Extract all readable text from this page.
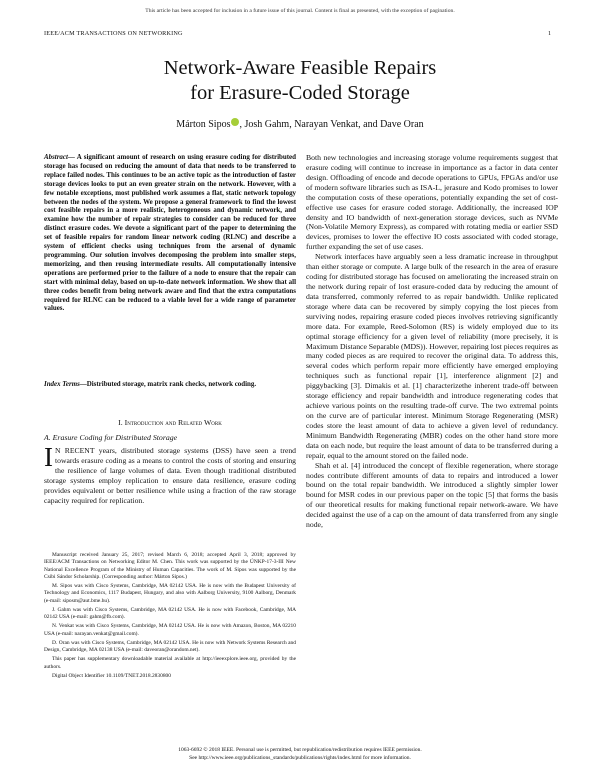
This article has been accepted for inclusion in a future issue of this journal. Content is final as presented, with the exception of pagination.
IEEE/ACM TRANSACTIONS ON NETWORKING	1
Network-Aware Feasible Repairs
for Erasure-Coded Storage
Márton Sipos , Josh Gahm, Narayan Venkat, and Dave Oran
Abstract— A significant amount of research on using erasure coding for distributed storage has focused on reducing the amount of data that needs to be transferred to replace failed nodes. This continues to be an active topic as the introduction of faster storage devices looks to put an even greater strain on the network. However, with a few notable exceptions, most published work assumes a flat, static network topology between the nodes of the system. We propose a general framework to find the lowest cost feasible repairs in a more realistic, heterogeneous and dynamic network, and examine how the number of repair strategies to consider can be reduced for three distinct erasure codes. We devote a significant part of the paper to determining the set of feasible repairs for random linear network coding (RLNC) and describe a system of efficient checks using techniques from the arsenal of dynamic programming. Our solution involves decomposing the problem into smaller steps, memorizing, and then reusing intermediate results. All computationally intensive operations are performed prior to the failure of a node to ensure that the repair can start with minimal delay, based on up-to-date network information. We show that all three codes benefit from being network aware and find that the extra computations required for RLNC can be reduced to a viable level for a wide range of parameter values.
Index Terms—Distributed storage, matrix rank checks, network coding.
I. Introduction and Related Work
A. Erasure Coding for Distributed Storage
I N RECENT years, distributed storage systems (DSS) have seen a trend towards erasure coding as a means to control the costs of storing and ensuring the resilience of large volumes of data. Even though traditional distributed storage systems employ replication to ensure data resilience, erasure coding provides equivalent or better resilience while using a fraction of the raw storage capacity required for replication.

Manuscript received January 25, 2017; revised March 6, 2018; accepted April 3, 2018; approved by IEEE/ACM Transactions on Networking Editor M. Chen. This work was supported by the ÚNKP-17-3-III New National Excellence Program of the Ministry of Human Capacities. The work of M. Sipos was supported by the Csibi Sándor Scholarship. (Corresponding author: Márton Sipos.)

M. Sipos was with Cisco Systems, Cambridge, MA 02142 USA. He is now with the Budapest University of Technology and Economics, 1117 Budapest, Hungary, and also with Aalborg University, 9100 Aalborg, Denmark (e-mail: siposm@aut.bme.hu).

J. Gahm was with Cisco Systems, Cambridge, MA 02142 USA. He is now with Facebook, Cambridge, MA 02142 USA (e-mail: gahm@fb.com).

N. Venkat was with Cisco Systems, Cambridge, MA 02142 USA. He is now with Amazon, Boston, MA 02210 USA (e-mail: narayan.venkat@gmail.com).

D. Oran was with Cisco Systems, Cambridge, MA 02142 USA. He is now with Network Systems Research and Design, Cambridge, MA 02138 USA (e-mail: daveoran@orandom.net).

This paper has supplementary downloadable material available at http://ieeexplore.ieee.org, provided by the authors.

Digital Object Identifier 10.1109/TNET.2018.2830800

Both new technologies and increasing storage volume requirements suggest that erasure coding will continue to increase in importance as a factor in data center design. Offloading of encode and decode operations to GPUs, FPGAs and/or use of modern software libraries such as ISA-L, jerasure and Kodo promises to lower the computation costs of these operations, potentially expanding the set of cost-effective use cases for erasure coded storage. Additionally, the increased IOP density and IO bandwidth of next-generation storage devices, such as NVMe (Non-Volatile Memory Express), as compared with rotating media or earlier SSD devices, promises to lower the effective IO costs associated with coded storage, further expanding the set of use cases.

Network interfaces have arguably seen a less dramatic increase in throughput than either storage or compute. A large bulk of the research in the area of erasure coding for distributed storage has focused on ameliorating the increased strain on the network during repair of lost erasure-coded data by reducing the amount of data transferred, commonly referred to as repair bandwidth. Unlike replicated storage where data can be recovered by simply copying the lost pieces from surviving nodes, repairing erasure coded pieces involves retrieving significantly more data. For example, Reed-Solomon (RS) is widely employed due to its optimal storage efficiency for a given level of reliability (more precisely, it is Maximum Distance Separable (MDS)). However, repairing lost pieces requires as many coded pieces as are required to recover the original data. To address this, several codes which perform repair more efficiently have emerged employing techniques such as functional repair [1], interference alignment [2] and piggybacking [3]. Dimakis et al. [1] characterizethe inherent trade-off between storage efficiency and repair bandwidth and introduce regenerating codes that achieve various points on the resulting trade-off curve. The two extremal points on the curve are of particular interest. Minimum Storage Regenerating (MSR) codes store the least amount of data to achieve a given level of redundancy. Minimum Bandwidth Regenerating (MBR) codes on the other hand store more data on each node, but require the least amount of data to be transferred during a repair, equal to the amount stored on the failed node.

Shah et al. [4] introduced the concept of flexible regeneration, where storage nodes contribute different amounts of data to repairs and introduced a lower bound on the total repair bandwidth. We introduced a slightly simpler lower bound for MSR codes in our previous paper on the topic [5] that forms the basis of our theoretical results for making functional repair network-aware. We have decided against the use of a cap on the amount of data transferred from any single node,

1063-6692 © 2018 IEEE. Personal use is permitted, but republication/redistribution requires IEEE permission.
See http://www.ieee.org/publications_standards/publications/rights/index.html for more information.
